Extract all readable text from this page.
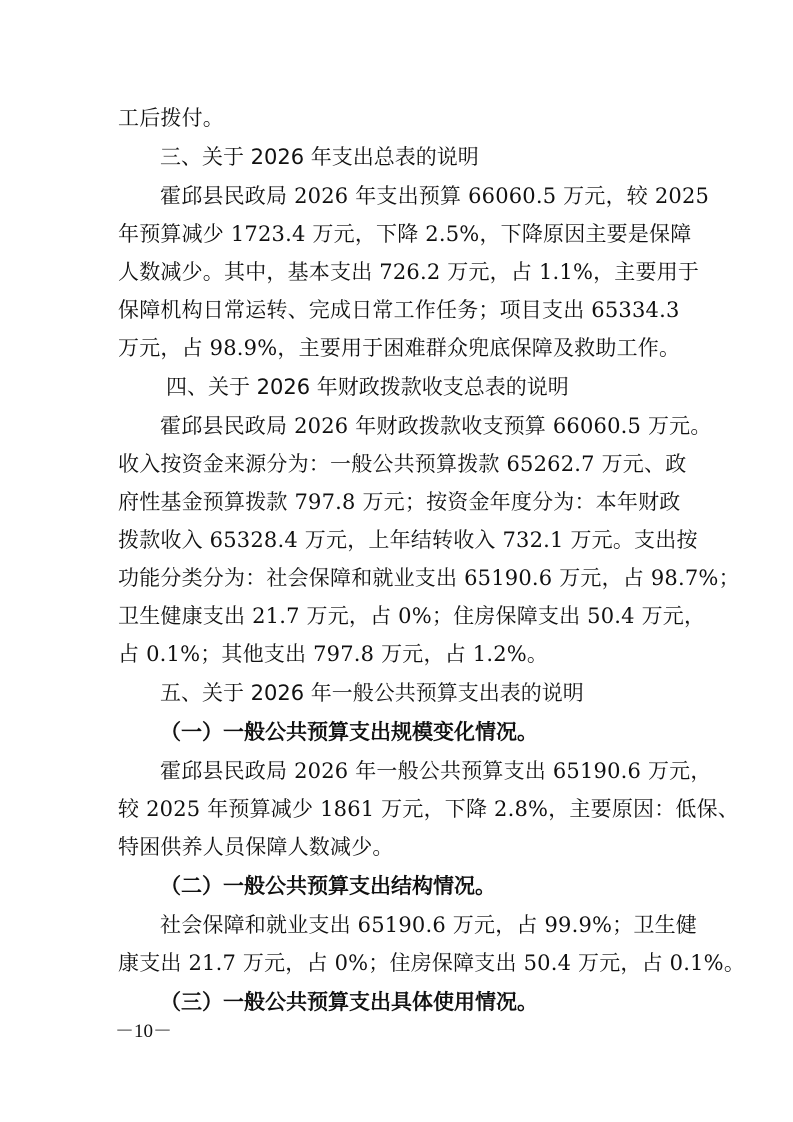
工后拨付。
三、关于 2026 年支出总表的说明
霍邱县民政局 2026 年支出预算 66060.5 万元，较 2025
年预算减少 1723.4 万元，下降 2.5%，下降原因主要是保障
人数减少。其中，基本支出 726.2 万元，占 1.1%，主要用于
保障机构日常运转、完成日常工作任务；项目支出 65334.3
万元，占 98.9%，主要用于困难群众兜底保障及救助工作。
四、关于 2026 年财政拨款收支总表的说明
霍邱县民政局 2026 年财政拨款收支预算 66060.5 万元。
收入按资金来源分为：一般公共预算拨款 65262.7 万元、政
府性基金预算拨款 797.8 万元；按资金年度分为：本年财政
拨款收入 65328.4 万元，上年结转收入 732.1 万元。支出按
功能分类分为：社会保障和就业支出 65190.6 万元，占 98.7%；
卫生健康支出 21.7 万元，占 0%；住房保障支出 50.4 万元，
占 0.1%；其他支出 797.8 万元，占 1.2%。
五、关于 2026 年一般公共预算支出表的说明
（一）一般公共预算支出规模变化情况。
霍邱县民政局 2026 年一般公共预算支出 65190.6 万元，
较 2025 年预算减少 1861 万元，下降 2.8%，主要原因：低保、
特困供养人员保障人数减少。
（二）一般公共预算支出结构情况。
社会保障和就业支出 65190.6 万元，占 99.9%；卫生健
康支出 21.7 万元，占 0%；住房保障支出 50.4 万元，占 0.1%。
（三）一般公共预算支出具体使用情况。
－10－
